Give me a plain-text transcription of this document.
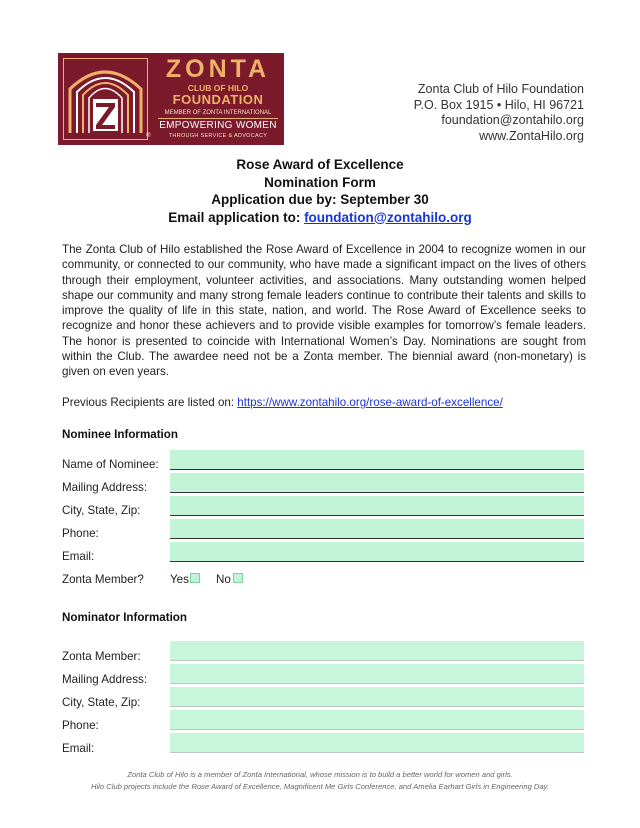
ZONTA
CLUB OF HILO
FOUNDATION
MEMBER OF ZONTA INTERNATIONAL
EMPOWERING WOMEN
THROUGH SERVICE & ADVOCACY
®
Zonta Club of Hilo Foundation
P.O. Box 1915 • Hilo, HI 96721
foundation@zontahilo.org
www.ZontaHilo.org
Rose Award of Excellence
Nomination Form
Application due by: September 30
Email application to: foundation@zontahilo.org
The Zonta Club of Hilo established the Rose Award of Excellence in 2004 to recognize women in our community, or connected to our community, who have made a significant impact on the lives of others through their employment, volunteer activities, and associations. Many outstanding women helped shape our community and many strong female leaders continue to contribute their talents and skills to improve the quality of life in this state, nation, and world. The Rose Award of Excellence seeks to recognize and honor these achievers and to provide visible examples for tomorrow’s female leaders. The honor is presented to coincide with International Women’s Day. Nominations are sought from within the Club. The awardee need not be a Zonta member. The biennial award (non-monetary) is given on even years.
Previous Recipients are listed on: https://www.zontahilo.org/rose-award-of-excellence/
Nominee Information
Name of Nominee:
Mailing Address:
City, State, Zip:
Phone:
Email:
Zonta Member? Yes No
Nominator Information
Zonta Member:
Mailing Address:
City, State, Zip:
Phone:
Email:
Zonta Club of Hilo is a member of Zonta International, whose mission is to build a better world for women and girls.
Hilo Club projects include the Rose Award of Excellence, Magnificent Me Girls Conference, and Amelia Earhart Girls in Engineering Day.
